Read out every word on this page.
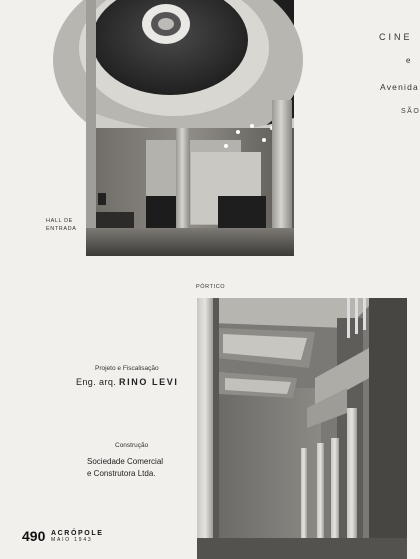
CINE
e
Avenida
SÃO
HALL DE
ENTRADA
PÓRTICO
Projeto e Fiscalisação
Eng. arq. RINO LEVI
Construção
Sociedade Comercial
e Construtora Ltda.
490 ACRÓPOLE
MAIO 1943
